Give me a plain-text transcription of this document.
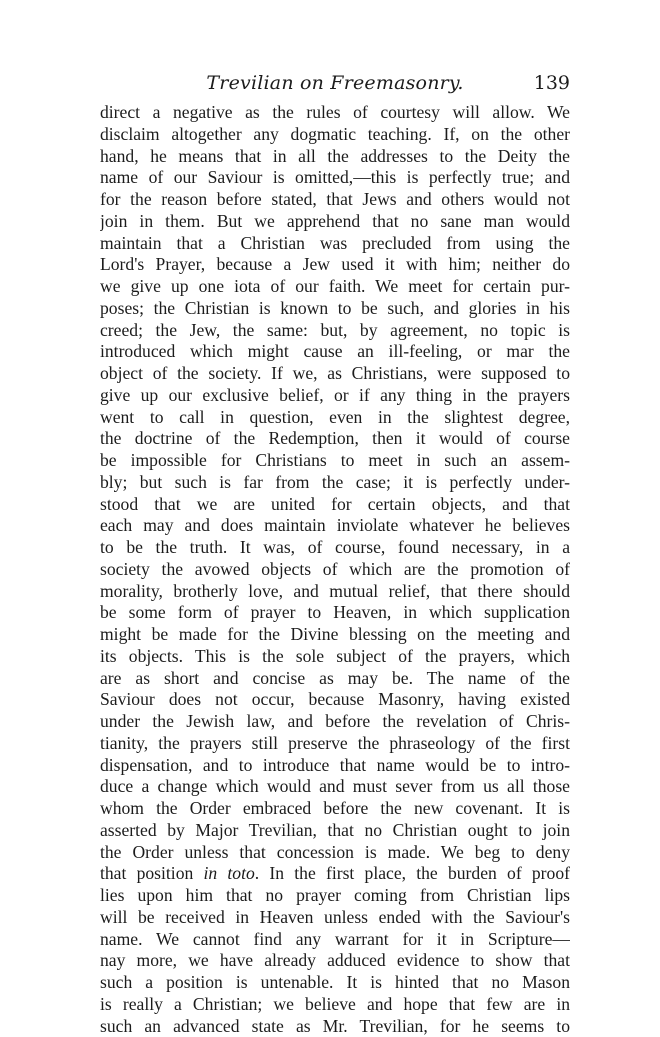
Trevilian on Freemasonry.	139
direct a negative as the rules of courtesy will allow. We
disclaim altogether any dogmatic teaching. If, on the other
hand, he means that in all the addresses to the Deity the
name of our Saviour is omitted,—this is perfectly true; and
for the reason before stated, that Jews and others would not
join in them. But we apprehend that no sane man would
maintain that a Christian was precluded from using the
Lord's Prayer, because a Jew used it with him; neither do
we give up one iota of our faith. We meet for certain pur-
poses; the Christian is known to be such, and glories in his
creed; the Jew, the same: but, by agreement, no topic is
introduced which might cause an ill-feeling, or mar the
object of the society. If we, as Christians, were supposed to
give up our exclusive belief, or if any thing in the prayers
went to call in question, even in the slightest degree,
the doctrine of the Redemption, then it would of course
be impossible for Christians to meet in such an assem-
bly; but such is far from the case; it is perfectly under-
stood that we are united for certain objects, and that
each may and does maintain inviolate whatever he believes
to be the truth. It was, of course, found necessary, in a
society the avowed objects of which are the promotion of
morality, brotherly love, and mutual relief, that there should
be some form of prayer to Heaven, in which supplication
might be made for the Divine blessing on the meeting and
its objects. This is the sole subject of the prayers, which
are as short and concise as may be. The name of the
Saviour does not occur, because Masonry, having existed
under the Jewish law, and before the revelation of Chris-
tianity, the prayers still preserve the phraseology of the first
dispensation, and to introduce that name would be to intro-
duce a change which would and must sever from us all those
whom the Order embraced before the new covenant. It is
asserted by Major Trevilian, that no Christian ought to join
the Order unless that concession is made. We beg to deny
that position in toto. In the first place, the burden of proof
lies upon him that no prayer coming from Christian lips
will be received in Heaven unless ended with the Saviour's
name. We cannot find any warrant for it in Scripture—
nay more, we have already adduced evidence to show that
such a position is untenable. It is hinted that no Mason
is really a Christian; we believe and hope that few are in
such an advanced state as Mr. Trevilian, for he seems to
